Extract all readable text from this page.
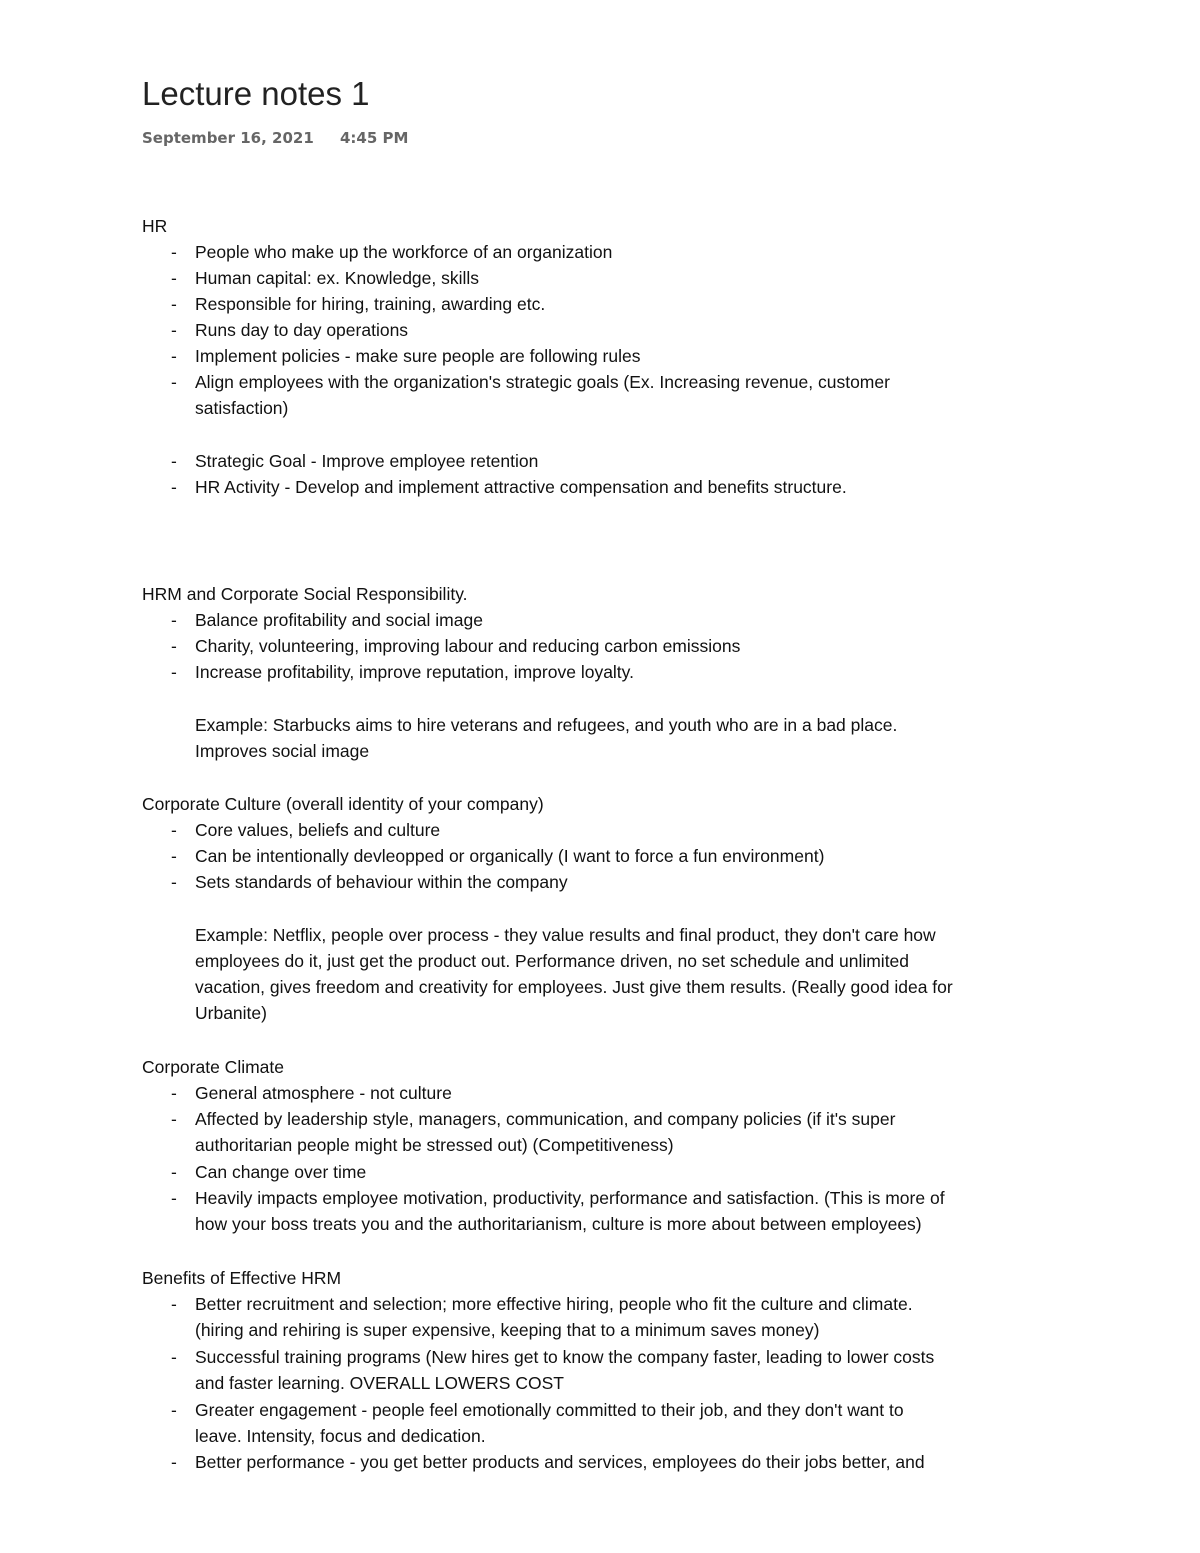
Lecture notes 1
September 16, 2021 4:45 PM
HR
- People who make up the workforce of an organization
- Human capital: ex. Knowledge, skills
- Responsible for hiring, training, awarding etc.
- Runs day to day operations
- Implement policies - make sure people are following rules
- Align employees with the organization's strategic goals (Ex. Increasing revenue, customer
satisfaction)
- Strategic Goal - Improve employee retention
- HR Activity - Develop and implement attractive compensation and benefits structure.
HRM and Corporate Social Responsibility.
- Balance profitability and social image
- Charity, volunteering, improving labour and reducing carbon emissions
- Increase profitability, improve reputation, improve loyalty.
Example: Starbucks aims to hire veterans and refugees, and youth who are in a bad place.
Improves social image
Corporate Culture (overall identity of your company)
- Core values, beliefs and culture
- Can be intentionally devleopped or organically (I want to force a fun environment)
- Sets standards of behaviour within the company
Example: Netflix, people over process - they value results and final product, they don't care how
employees do it, just get the product out. Performance driven, no set schedule and unlimited
vacation, gives freedom and creativity for employees. Just give them results. (Really good idea for
Urbanite)
Corporate Climate
- General atmosphere - not culture
- Affected by leadership style, managers, communication, and company policies (if it's super
authoritarian people might be stressed out) (Competitiveness)
- Can change over time
- Heavily impacts employee motivation, productivity, performance and satisfaction. (This is more of
how your boss treats you and the authoritarianism, culture is more about between employees)
Benefits of Effective HRM
- Better recruitment and selection; more effective hiring, people who fit the culture and climate.
(hiring and rehiring is super expensive, keeping that to a minimum saves money)
- Successful training programs (New hires get to know the company faster, leading to lower costs
and faster learning. OVERALL LOWERS COST
- Greater engagement - people feel emotionally committed to their job, and they don't want to
leave. Intensity, focus and dedication.
- Better performance - you get better products and services, employees do their jobs better, and
